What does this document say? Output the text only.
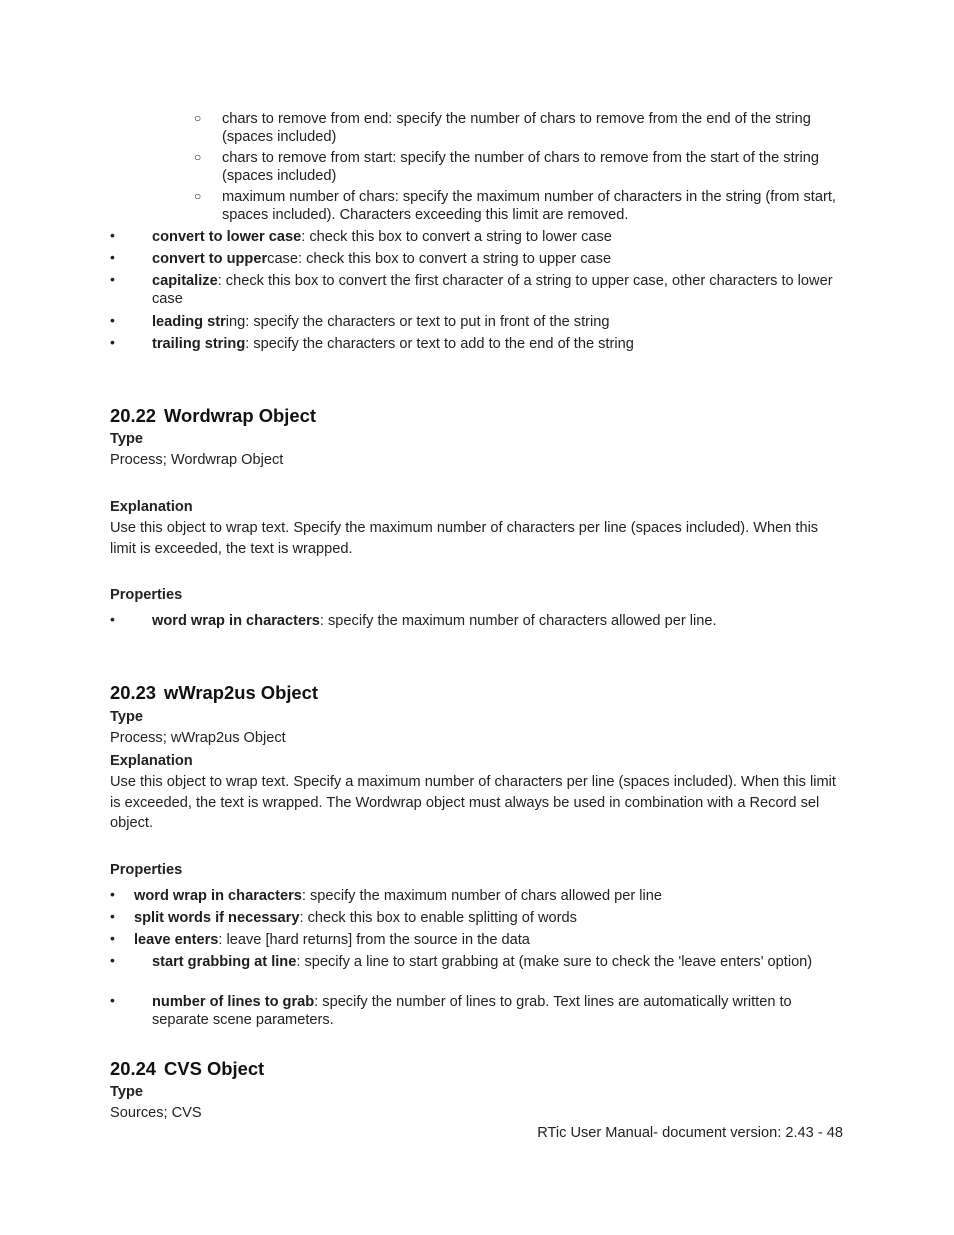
○ chars to remove from end: specify the number of chars to remove from the end of the string (spaces included)
○ chars to remove from start: specify the number of chars to remove from the start of the string (spaces included)
○ maximum number of chars: specify the maximum number of characters in the string (from start, spaces included). Characters exceeding this limit are removed.
•	convert to lower case: check this box to convert a string to lower case
•	convert to uppercase: check this box to convert a string to upper case
•	capitalize: check this box to convert the first character of a string to upper case, other characters to lower case
•	leading string: specify the characters or text to put in front of the string
•	trailing string: specify the characters or text to add to the end of the string
20.22 Wordwrap Object
Type
Process; Wordwrap Object
Explanation
Use this object to wrap text. Specify the maximum number of characters per line (spaces included). When this limit is exceeded, the text is wrapped.
Properties
•	word wrap in characters: specify the maximum number of characters allowed per line.
20.23 wWrap2us Object
Type
Process; wWrap2us Object
Explanation
Use this object to wrap text. Specify a maximum number of characters per line (spaces included). When this limit is exceeded, the text is wrapped. The Wordwrap object must always be used in combination with a Record sel object.
Properties
• word wrap in characters: specify the maximum number of chars allowed per line
• split words if necessary: check this box to enable splitting of words
• leave enters: leave [hard returns] from the source in the data
•	start grabbing at line: specify a line to start grabbing at (make sure to check the 'leave enters' option)
•	number of lines to grab: specify the number of lines to grab. Text lines are automatically written to separate scene parameters.
20.24 CVS Object
Type
Sources; CVS
RTic User Manual- document version: 2.43 - 48
